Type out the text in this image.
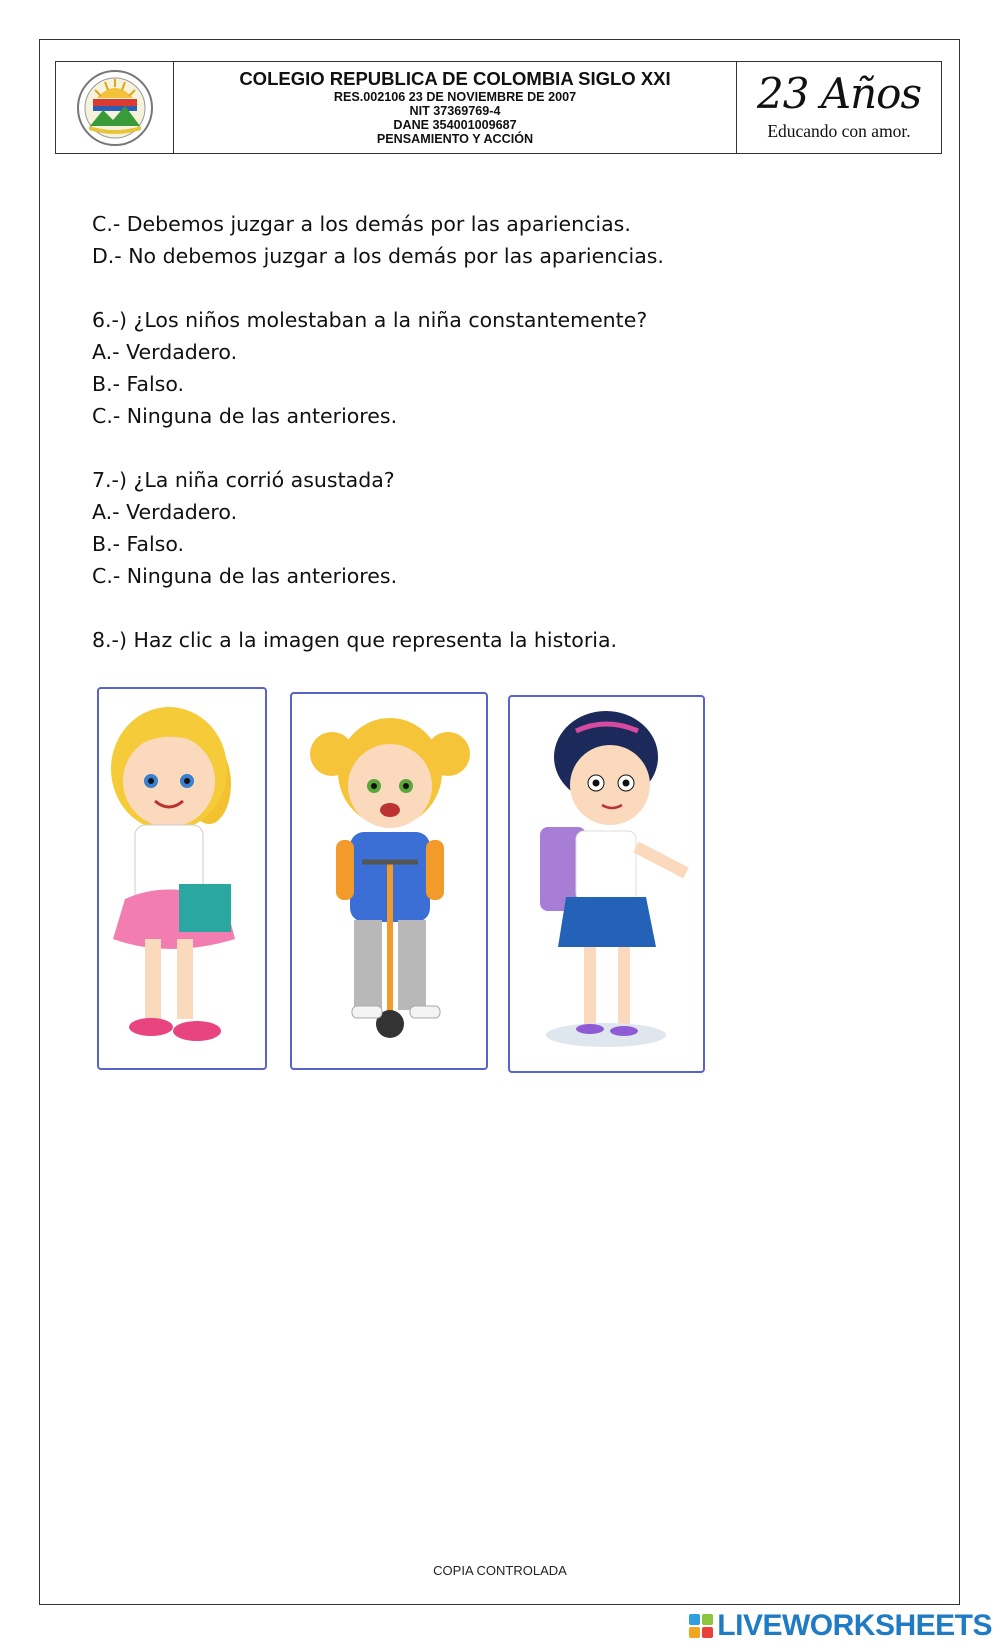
COLEGIO REPUBLICA DE COLOMBIA SIGLO XXI
RES.002106 23 DE NOVIEMBRE DE 2007
NIT 37369769-4
DANE 354001009687
PENSAMIENTO Y ACCIÓN
23 Años
Educando con amor.

C.- Debemos juzgar a los demás por las apariencias.

D.- No debemos juzgar a los demás por las apariencias.

6.-) ¿Los niños molestaban a la niña constantemente?

A.- Verdadero.

B.- Falso.

C.- Ninguna de las anteriores.

7.-) ¿La niña corrió asustada?

A.- Verdadero.

B.- Falso.

C.- Ninguna de las anteriores.

8.-) Haz clic a la imagen que representa la historia.

COPIA CONTROLADA
LIVEWORKSHEETS
